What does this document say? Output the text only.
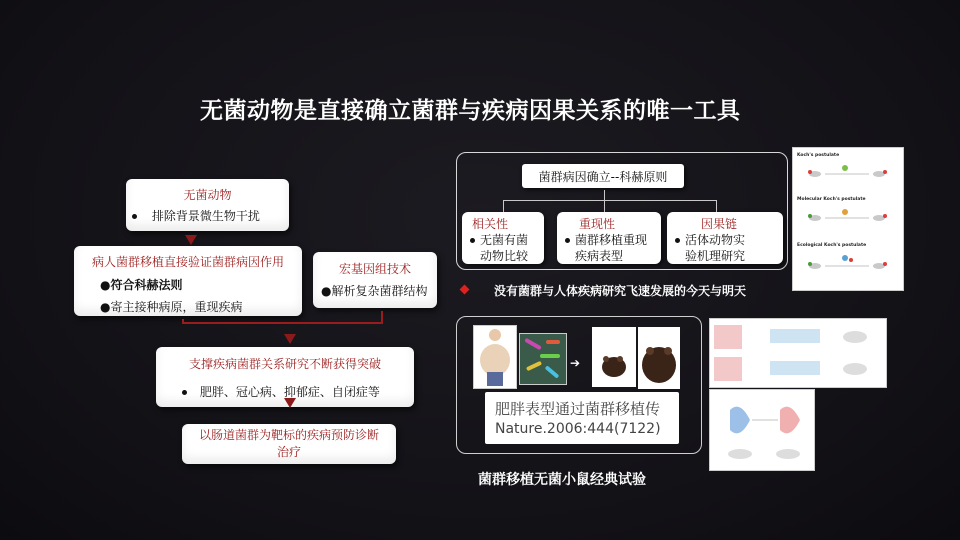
无菌动物是直接确立菌群与疾病因果关系的唯一工具
无菌动物
排除背景微生物干扰
病人菌群移植直接验证菌群病因作用
●符合科赫法则
●寄主接种病原，重现疾病
宏基因组技术
●解析复杂菌群结构
支撑疾病菌群关系研究不断获得突破
肥胖、冠心病、抑郁症、自闭症等
以肠道菌群为靶标的疾病预防诊断治疗
菌群病因确立--科赫原则
相关性
无菌有菌
动物比较
重现性
菌群移植重现
疾病表型
因果链
活体动物实
验机理研究
Koch's postulate
Molecular Koch's postulate
Ecological Koch's postulate
没有菌群与人体疾病研究飞速发展的今天与明天
➔
肥胖表型通过菌群移植传
Nature.2006:444(7122)
菌群移植无菌小鼠经典试验
